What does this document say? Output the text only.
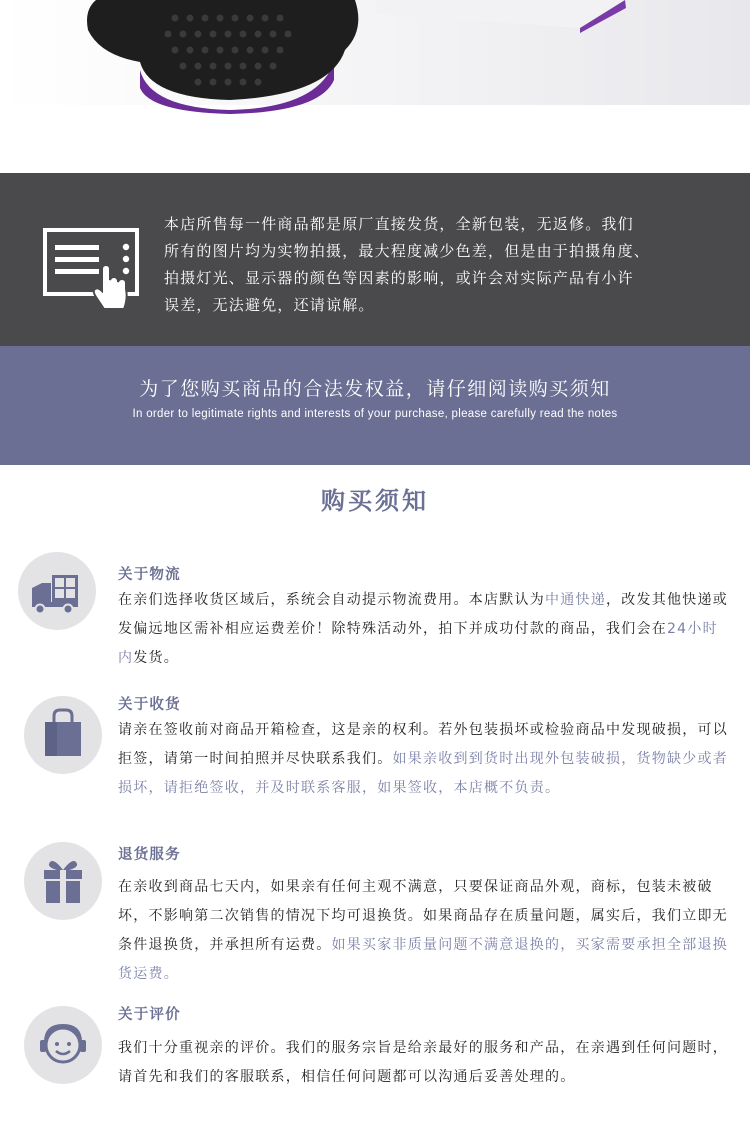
本店所售每一件商品都是原厂直接发货，全新包装，无返修。我们
所有的图片均为实物拍摄，最大程度减少色差，但是由于拍摄角度、
拍摄灯光、显示器的颜色等因素的影响，或许会对实际产品有小许
误差，无法避免，还请谅解。

为了您购买商品的合法发权益，请仔细阅读购买须知
In order to legitimate rights and interests of your purchase, please carefully read the notes
购买须知
关于物流
在亲们选择收货区域后，系统会自动提示物流费用。本店默认为中通快递，改发其他快递或发偏远地区需补相应运费差价！除特殊活动外，拍下并成功付款的商品，我们会在24小时内发货。
关于收货
请亲在签收前对商品开箱检查，这是亲的权利。若外包装损坏或检验商品中发现破损，可以拒签，请第一时间拍照并尽快联系我们。如果亲收到到货时出现外包装破损，货物缺少或者损坏，请拒绝签收，并及时联系客服，如果签收，本店概不负责。
退货服务
在亲收到商品七天内，如果亲有任何主观不满意，只要保证商品外观，商标，包装未被破坏，不影响第二次销售的情况下均可退换货。如果商品存在质量问题，属实后，我们立即无条件退换货，并承担所有运费。如果买家非质量问题不满意退换的，买家需要承担全部退换货运费。
关于评价
我们十分重视亲的评价。我们的服务宗旨是给亲最好的服务和产品，在亲遇到任何问题时，请首先和我们的客服联系，相信任何问题都可以沟通后妥善处理的。
